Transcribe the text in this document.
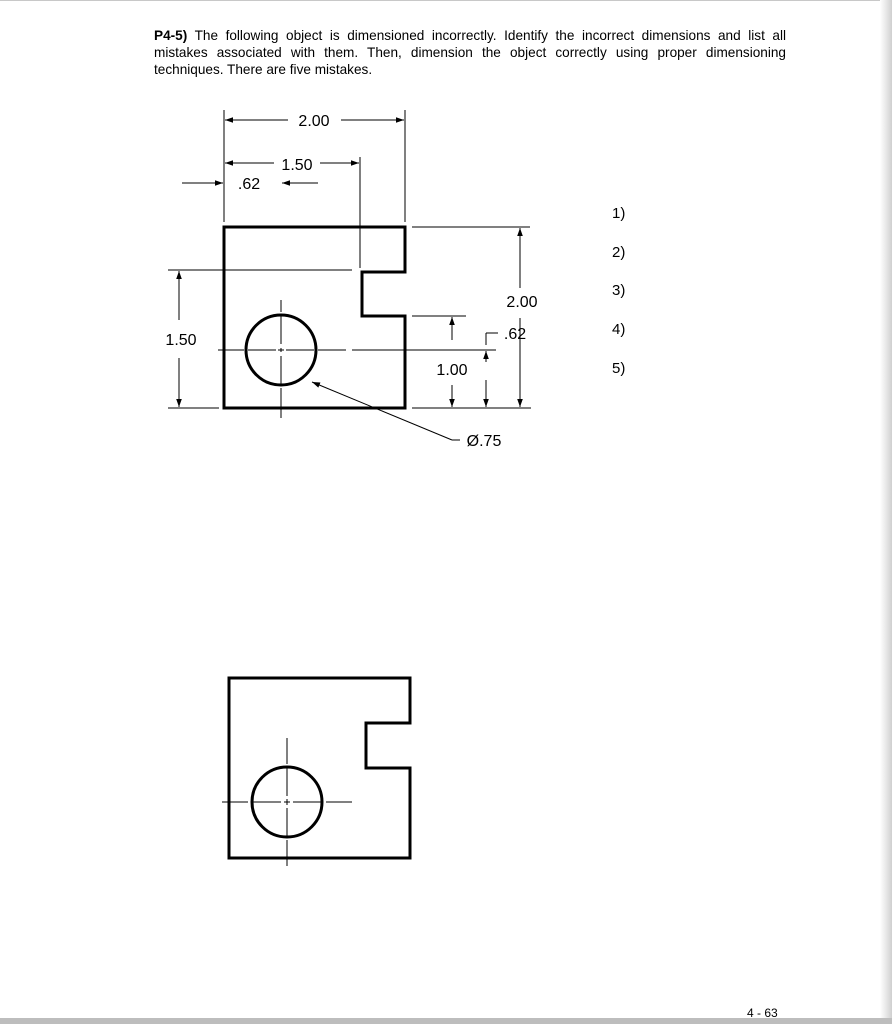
P4-5) The following object is dimensioned incorrectly. Identify the incorrect dimensions and list all mistakes associated with them. Then, dimension the object correctly using proper dimensioning techniques. There are five mistakes.

2.00
1.50
.62
1.50
2.00
1.00
.62
Ø.75
1)
2)
3)
4)
5)
4 - 63
